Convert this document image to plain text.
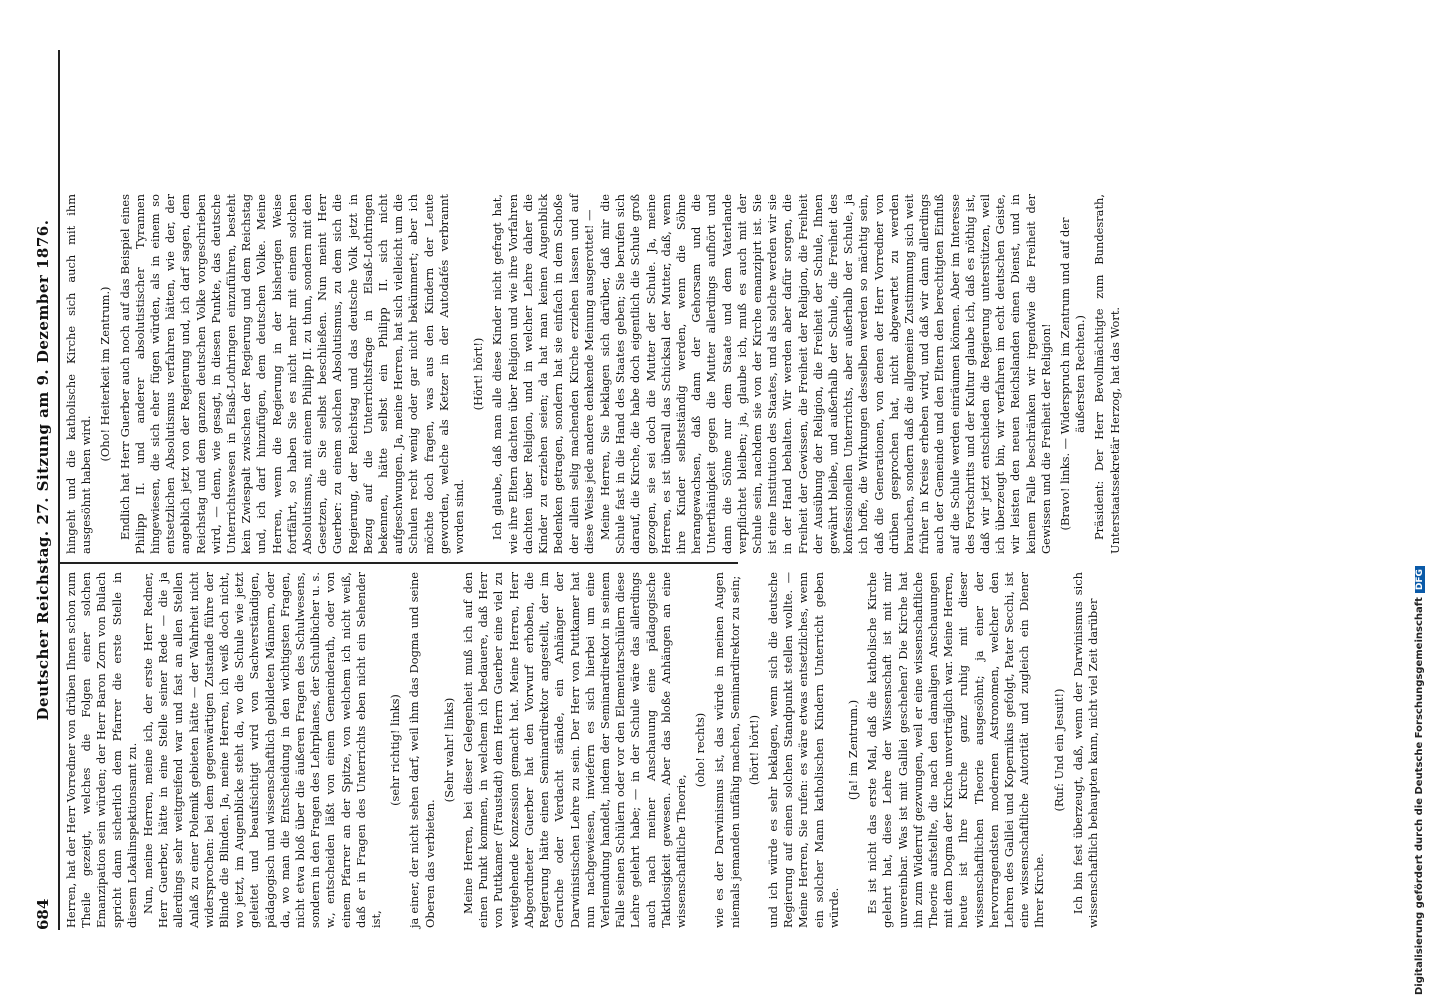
684
Deutscher Reichstag. 27. Sitzung am 9. Dezember 1876.

Herren, hat der Herr Vorredner von drüben Ihnen schon zum Theile gezeigt, welches die Folgen einer solchen Emanzipation sein würden; der Herr Baron Zorn von Bulach spricht dann sicherlich dem Pfarrer die erste Stelle in diesem Lokalinspektionsamt zu. Nun, meine Herren, meine ich, der erste Herr Redner, Herr Guerber, hätte in eine Stelle seiner Rede — die ja allerdings sehr weitgreifend war und fast an allen Stellen Anlaß zu einer Polemik gebieten hätte — der Wahrheit nicht widersprochen: bei dem gegenwärtigen Zustande führe der Blinde die Blinden. Ja, meine Herren, ich weiß doch nicht, wo jetzt, im Augenblicke steht da, wo die Schule wie jetzt geleitet und beaufsichtigt wird von Sachverständigen, pädagogisch und wissenschaftlich gebildeten Männern, oder da, wo man die Entscheidung in den wichtigsten Fragen, nicht etwa bloß über die äußeren Fragen des Schulwesens, sondern in den Fragen des Lehrplanes, der Schulbücher u. s. w., entscheiden läßt von einem Gemeinderath, oder von einem Pfarrer an der Spitze, von welchem ich nicht weiß, daß er in Fragen des Unterrichts eben nicht ein Sehender ist,

(sehr richtig! links) ja einer, der nicht sehen darf, weil ihm das Dogma und seine Oberen das verbieten.

(Sehr wahr! links) Meine Herren, bei dieser Gelegenheit muß ich auf den einen Punkt kommen, in welchem ich bedauere, daß Herr von Puttkamer (Fraustadt) dem Herrn Guerber eine viel zu weitgehende Konzession gemacht hat. Meine Herren, Herr Abgeordneter Guerber hat den Vorwurf erhoben, die Regierung hätte einen Seminardirektor angestellt, der im Geruche oder Verdacht stände, ein Anhänger der Darwinistischen Lehre zu sein. Der Herr von Puttkamer hat nun nachgewiesen, inwiefern es sich hierbei um eine Verleumdung handelt, indem der Seminardirektor in seinem Falle seinen Schülern oder vor den Elementarschülern diese Lehre gelehrt habe; — in der Schule wäre das allerdings auch nach meiner Anschauung eine pädagogische Taktlosigkeit gewesen. Aber das bloße Anhängen an eine wissenschaftliche Theorie,

(oho! rechts) wie es der Darwinismus ist, das würde in meinen Augen niemals jemanden unfähig machen, Seminardirektor zu sein; (hört! hört!) und ich würde es sehr beklagen, wenn sich die deutsche Regierung auf einen solchen Standpunkt stellen wollte. — Meine Herren, Sie rufen: es wäre etwas entsetzliches, wenn ein solcher Mann katholischen Kindern Unterricht geben würde.

(Ja! im Zentrum.) Es ist nicht das erste Mal, daß die katholische Kirche gelehrt hat, diese Lehre der Wissenschaft ist mit mir unvereinbar. Was ist mit Galilei geschehen? Die Kirche hat ihn zum Widerruf gezwungen, weil er eine wissenschaftliche Theorie aufstellte, die nach den damaligen Anschauungen mit dem Dogma der Kirche unverträglich war. Meine Herren, heute ist Ihre Kirche ganz ruhig mit dieser wissenschaftlichen Theorie ausgesöhnt; ja einer der hervorragendsten modernen Astronomen, welcher den Lehren des Galilei und Kopernikus gefolgt, Pater Secchi, ist eine wissenschaftliche Autorität und zugleich ein Diener Ihrer Kirche.

(Ruf: Und ein Jesuit!) Ich bin fest überzeugt, daß, wenn der Darwinismus sich wissenschaftlich behaupten kann, nicht viel Zeit darüber

hingeht und die katholische Kirche sich auch mit ihm ausgesöhnt haben wird.

(Oho! Heiterkeit im Zentrum.) Endlich hat Herr Guerber auch noch auf das Beispiel eines Philipp II. und anderer absolutistischer Tyrannen hingewiesen, die sich eher fügen würden, als in einem so entsetzlichen Absolutismus verfahren hätten, wie der, der angeblich jetzt von der Regierung und, ich darf sagen, dem Reichstag und dem ganzen deutschen Volke vorgeschrieben wird, — denn, wie gesagt, in diesen Punkte, das deutsche Unterrichtswesen in Elsaß-Lothringen einzuführen, besteht kein Zwiespalt zwischen der Regierung und dem Reichstag und, ich darf hinzufügen, dem deutschen Volke. Meine Herren, wenn die Regierung in der bisherigen Weise fortfährt, so haben Sie es nicht mehr mit einem solchen Absolutismus, mit einem Philipp II. zu thun, sondern mit den Gesetzen, die Sie selbst beschließen. Nun meint Herr Guerber: zu einem solchen Absolutismus, zu dem sich die Regierung, der Reichstag und das deutsche Volk jetzt in Bezug auf die Unterrichtsfrage in Elsaß-Lothringen bekennen, hätte selbst ein Philipp II. sich nicht aufgeschwungen. Ja, meine Herren, hat sich vielleicht um die Schulen recht wenig oder gar nicht bekümmert; aber ich möchte doch fragen, was aus den Kindern der Leute geworden, welche als Ketzer in der Autodafés verbrannt worden sind.

(Hört! hört!) Ich glaube, daß man alle diese Kinder nicht gefragt hat, wie ihre Eltern dachten über Religion und wie ihre Vorfahren dachten über Religion, und in welcher Lehre daher die Kinder zu erziehen seien; da hat man keinen Augenblick Bedenken getragen, sondern hat sie einfach in dem Schoße der allein selig machenden Kirche erziehen lassen und auf diese Weise jede andere denkende Meinung ausgerottet! — Meine Herren, Sie beklagen sich darüber, daß mir die Schule fast in die Hand des Staates geben; Sie berufen sich darauf, die Kirche, die habe doch eigentlich die Schule groß gezogen, sie sei doch die Mutter der Schule. Ja, meine Herren, es ist überall das Schicksal der Mutter, daß, wenn ihre Kinder selbstständig werden, wenn die Söhne herangewachsen, daß dann der Gehorsam und die Unterthänigkeit gegen die Mutter allerdings aufhört und dann die Söhne nur dem Staate und dem Vaterlande verpflichtet bleiben; ja, glaube ich, muß es auch mit der Schule sein, nachdem sie von der Kirche emanzipirt ist. Sie ist eine Institution des Staates, und als solche werden wir sie in der Hand behalten. Wir werden aber dafür sorgen, die Freiheit der Gewissen, die Freiheit der Religion, die Freiheit der Ausübung der Religion, die Freiheit der Schule, Ihnen gewährt bleibe, und außerhalb der Schule, die Freiheit des konfessionellen Unterrichts, aber außerhalb der Schule, ja ich hoffe, die Wirkungen desselben werden so mächtig sein, daß die Generationen, von denen der Herr Vorredner von drüben gesprochen hat, nicht abgewartet zu werden brauchen, sondern daß die allgemeine Zustimmung sich weit früher in Kreise erheben wird, und daß wir dann allerdings auch der Gemeinde und den Eltern den berechtigten Einfluß auf die Schule werden einräumen können. Aber im Interesse des Fortschritts und der Kultur glaube ich, daß es nöthig ist, daß wir jetzt entschieden die Regierung unterstützen, weil ich überzeugt bin, wir verfahren im echt deutschen Geiste, wir leisten den neuen Reichslanden einen Dienst, und in keinem Falle beschränken wir irgendwie die Freiheit der Gewissen und die Freiheit der Religion! (Bravo! links. — Widerspruch im Zentrum und auf der äußersten Rechten.) Präsident: Der Herr Bevollmächtigte zum Bundesrath, Unterstaatssekretär Herzog, hat das Wort.

Digitalisierung gefördert durch die Deutsche ForschungsgemeinschaftDFG
